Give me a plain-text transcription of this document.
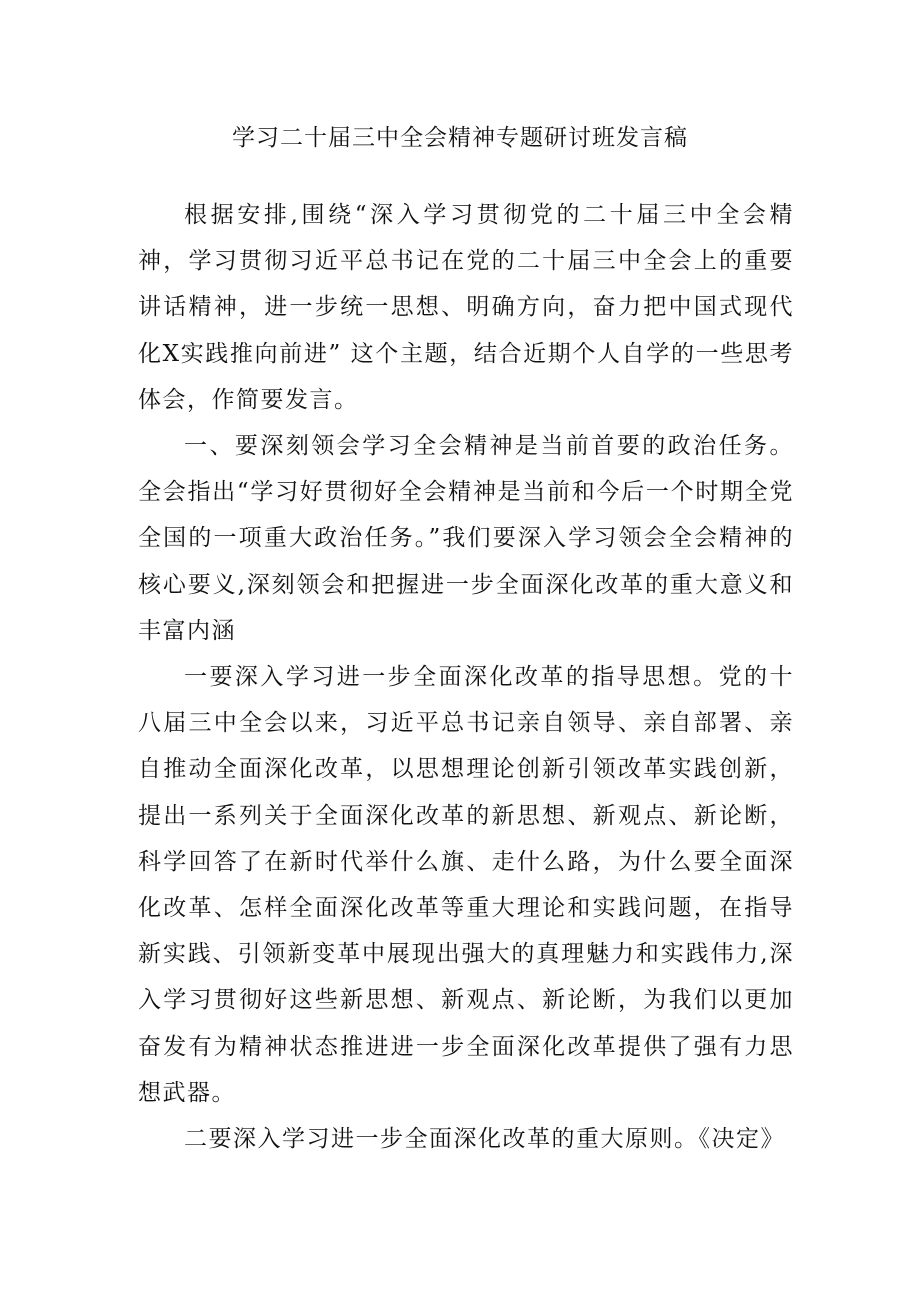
学习二十届三中全会精神专题研讨班发言稿

根据安排,围绕“深入学习贯彻党的二十届三中全会精神，学习贯彻习近平总书记在党的二十届三中全会上的重要讲话精神，进一步统一思想、明确方向，奋力把中国式现代化X实践推向前进” 这个主题，结合近期个人自学的一些思考体会，作简要发言。

一、要深刻领会学习全会精神是当前首要的政治任务。全会指出“学习好贯彻好全会精神是当前和今后一个时期全党全国的一项重大政治任务。”我们要深入学习领会全会精神的核心要义,深刻领会和把握进一步全面深化改革的重大意义和丰富内涵

一要深入学习进一步全面深化改革的指导思想。党的十八届三中全会以来，习近平总书记亲自领导、亲自部署、亲自推动全面深化改革，以思想理论创新引领改革实践创新，提出一系列关于全面深化改革的新思想、新观点、新论断，科学回答了在新时代举什么旗、走什么路，为什么要全面深化改革、怎样全面深化改革等重大理论和实践问题，在指导新实践、引领新变革中展现出强大的真理魅力和实践伟力,深入学习贯彻好这些新思想、新观点、新论断，为我们以更加奋发有为精神状态推进进一步全面深化改革提供了强有力思想武器。

二要深入学习进一步全面深化改革的重大原则。《决定》
